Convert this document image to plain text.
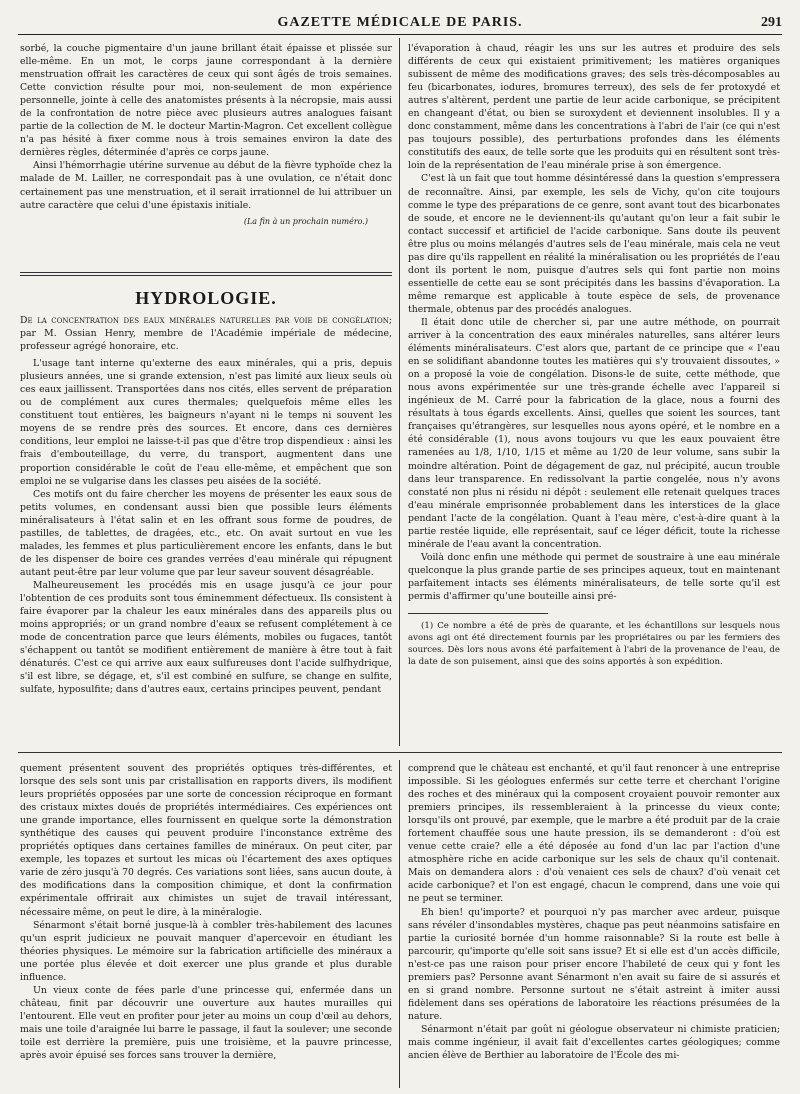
GAZETTE MÉDICALE DE PARIS.	291

sorbé, la couche pigmentaire d'un jaune brillant était épaisse et plissée sur elle-même. En un mot, le corps jaune correspondant à la dernière menstruation offrait les caractères de ceux qui sont âgés de trois semaines. Cette conviction résulte pour moi, non-seulement de mon expérience personnelle, jointe à celle des anatomistes présents à la nécropsie, mais aussi de la confrontation de notre pièce avec plusieurs autres analogues faisant partie de la collection de M. le docteur Martin-Magron. Cet excellent collègue n'a pas hésité à fixer comme nous à trois semaines environ la date des dernières règles, déterminée d'après ce corps jaune.

Ainsi l'hémorrhagie utérine survenue au début de la fièvre typhoïde chez la malade de M. Lailler, ne correspondait pas à une ovulation, ce n'était donc certainement pas une menstruation, et il serait irrationnel de lui attribuer un autre caractère que celui d'une épistaxis initiale.

(La fin à un prochain numéro.)
HYDROLOGIE.

De la concentration des eaux minérales naturelles par voie de congélation; par M. Ossian Henry, membre de l'Académie impériale de médecine, professeur agrégé honoraire, etc.

L'usage tant interne qu'externe des eaux minérales, qui a pris, depuis plusieurs années, une si grande extension, n'est pas limité aux lieux seuls où ces eaux jaillissent. Transportées dans nos cités, elles servent de préparation ou de complément aux cures thermales; quelquefois même elles les constituent tout entières, les baigneurs n'ayant ni le temps ni souvent les moyens de se rendre près des sources. Et encore, dans ces dernières conditions, leur emploi ne laisse-t-il pas que d'être trop dispendieux : ainsi les frais d'embouteillage, du verre, du transport, augmentent dans une proportion considérable le coût de l'eau elle-même, et empêchent que son emploi ne se vulgarise dans les classes peu aisées de la société.

Ces motifs ont du faire chercher les moyens de présenter les eaux sous de petits volumes, en condensant aussi bien que possible leurs éléments minéralisateurs à l'état salin et en les offrant sous forme de poudres, de pastilles, de tablettes, de dragées, etc., etc. On avait surtout en vue les malades, les femmes et plus particulièrement encore les enfants, dans le but de les dispenser de boire ces grandes verrées d'eau minérale qui répugnent autant peut-être par leur volume que par leur saveur souvent désagréable.

Malheureusement les procédés mis en usage jusqu'à ce jour pour l'obtention de ces produits sont tous éminemment défectueux. Ils consistent à faire évaporer par la chaleur les eaux minérales dans des appareils plus ou moins appropriés; or un grand nombre d'eaux se refusent complétement à ce mode de concentration parce que leurs éléments, mobiles ou fugaces, tantôt s'échappent ou tantôt se modifient entièrement de manière à être tout à fait dénaturés. C'est ce qui arrive aux eaux sulfureuses dont l'acide sulfhydrique, s'il est libre, se dégage, et, s'il est combiné en sulfure, se change en sulfite, sulfate, hyposulfite; dans d'autres eaux, certains principes peuvent, pendant

l'évaporation à chaud, réagir les uns sur les autres et produire des sels différents de ceux qui existaient primitivement; les matières organiques subissent de même des modifications graves; des sels très-décomposables au feu (bicarbonates, iodures, bromures terreux), des sels de fer protoxydé et autres s'altèrent, perdent une partie de leur acide carbonique, se précipitent en changeant d'état, ou bien se suroxydent et deviennent insolubles. Il y a donc constamment, même dans les concentrations à l'abri de l'air (ce qui n'est pas toujours possible), des perturbations profondes dans les éléments constitutifs des eaux, de telle sorte que les produits qui en résultent sont très-loin de la représentation de l'eau minérale prise à son émergence.

C'est là un fait que tout homme désintéressé dans la question s'empressera de reconnaître. Ainsi, par exemple, les sels de Vichy, qu'on cite toujours comme le type des préparations de ce genre, sont avant tout des bicarbonates de soude, et encore ne le deviennent-ils qu'autant qu'on leur a fait subir le contact successif et artificiel de l'acide carbonique. Sans doute ils peuvent être plus ou moins mélangés d'autres sels de l'eau minérale, mais cela ne veut pas dire qu'ils rappellent en réalité la minéralisation ou les propriétés de l'eau dont ils portent le nom, puisque d'autres sels qui font partie non moins essentielle de cette eau se sont précipités dans les bassins d'évaporation. La même remarque est applicable à toute espèce de sels, de provenance thermale, obtenus par des procédés analogues.

Il était donc utile de chercher si, par une autre méthode, on pourrait arriver à la concentration des eaux minérales naturelles, sans altérer leurs éléments minéralisateurs. C'est alors que, partant de ce principe que « l'eau en se solidifiant abandonne toutes les matières qui s'y trouvaient dissoutes, » on a proposé la voie de congélation. Disons-le de suite, cette méthode, que nous avons expérimentée sur une très-grande échelle avec l'appareil si ingénieux de M. Carré pour la fabrication de la glace, nous a fourni des résultats à tous égards excellents. Ainsi, quelles que soient les sources, tant françaises qu'étrangères, sur lesquelles nous ayons opéré, et le nombre en a été considérable (1), nous avons toujours vu que les eaux pouvaient être ramenées au 1/8, 1/10, 1/15 et même au 1/20 de leur volume, sans subir la moindre altération. Point de dégagement de gaz, nul précipité, aucun trouble dans leur transparence. En redissolvant la partie congelée, nous n'y avons constaté non plus ni résidu ni dépôt : seulement elle retenait quelques traces d'eau minérale emprisonnée probablement dans les interstices de la glace pendant l'acte de la congélation. Quant à l'eau mère, c'est-à-dire quant à la partie restée liquide, elle représentait, sauf ce léger déficit, toute la richesse minérale de l'eau avant la concentration.

Voilà donc enfin une méthode qui permet de soustraire à une eau minérale quelconque la plus grande partie de ses principes aqueux, tout en maintenant parfaitement intacts ses éléments minéralisateurs, de telle sorte qu'il est permis d'affirmer qu'une bouteille ainsi pré-

(1) Ce nombre a été de près de quarante, et les échantillons sur lesquels nous avons agi ont été directement fournis par les propriétaires ou par les fermiers des sources. Dès lors nous avons été parfaitement à l'abri de la provenance de l'eau, de la date de son puisement, ainsi que des soins apportés à son expédition.

quement présentent souvent des propriétés optiques très-différentes, et lorsque des sels sont unis par cristallisation en rapports divers, ils modifient leurs propriétés opposées par une sorte de concession réciproque en formant des cristaux mixtes doués de propriétés intermédiaires. Ces expériences ont une grande importance, elles fournissent en quelque sorte la démonstration synthétique des causes qui peuvent produire l'inconstance extrême des propriétés optiques dans certaines familles de minéraux. On peut citer, par exemple, les topazes et surtout les micas où l'écartement des axes optiques varie de zéro jusqu'à 70 degrés. Ces variations sont liées, sans aucun doute, à des modifications dans la composition chimique, et dont la confirmation expérimentale offrirait aux chimistes un sujet de travail intéressant, nécessaire même, on peut le dire, à la minéralogie.

Sénarmont s'était borné jusque-là à combler très-habilement des lacunes qu'un esprit judicieux ne pouvait manquer d'apercevoir en étudiant les théories physiques. Le mémoire sur la fabrication artificielle des minéraux a une portée plus élevée et doit exercer une plus grande et plus durable influence.

Un vieux conte de fées parle d'une princesse qui, enfermée dans un château, finit par découvrir une ouverture aux hautes murailles qui l'entourent. Elle veut en profiter pour jeter au moins un coup d'œil au dehors, mais une toile d'araignée lui barre le passage, il faut la soulever; une seconde toile est derrière la première, puis une troisième, et la pauvre princesse, après avoir épuisé ses forces sans trouver la dernière,

comprend que le château est enchanté, et qu'il faut renoncer à une entreprise impossible. Si les géologues enfermés sur cette terre et cherchant l'origine des roches et des minéraux qui la composent croyaient pouvoir remonter aux premiers principes, ils ressembleraient à la princesse du vieux conte; lorsqu'ils ont prouvé, par exemple, que le marbre a été produit par de la craie fortement chauffée sous une haute pression, ils se demanderont : d'où est venue cette craie? elle a été déposée au fond d'un lac par l'action d'une atmosphère riche en acide carbonique sur les sels de chaux qu'il contenait. Mais on demandera alors : d'où venaient ces sels de chaux? d'où venait cet acide carbonique? et l'on est engagé, chacun le comprend, dans une voie qui ne peut se terminer.

Eh bien! qu'importe? et pourquoi n'y pas marcher avec ardeur, puisque sans révéler d'insondables mystères, chaque pas peut néanmoins satisfaire en partie la curiosité bornée d'un homme raisonnable? Si la route est belle à parcourir, qu'importe qu'elle soit sans issue? Et si elle est d'un accès difficile, n'est-ce pas une raison pour priser encore l'habileté de ceux qui y font les premiers pas? Personne avant Sénarmont n'en avait su faire de si assurés et en si grand nombre. Personne surtout ne s'était astreint à imiter aussi fidèlement dans ses opérations de laboratoire les réactions présumées de la nature.

Sénarmont n'était par goût ni géologue observateur ni chimiste praticien; mais comme ingénieur, il avait fait d'excellentes cartes géologiques; comme ancien élève de Berthier au laboratoire de l'École des mi-
